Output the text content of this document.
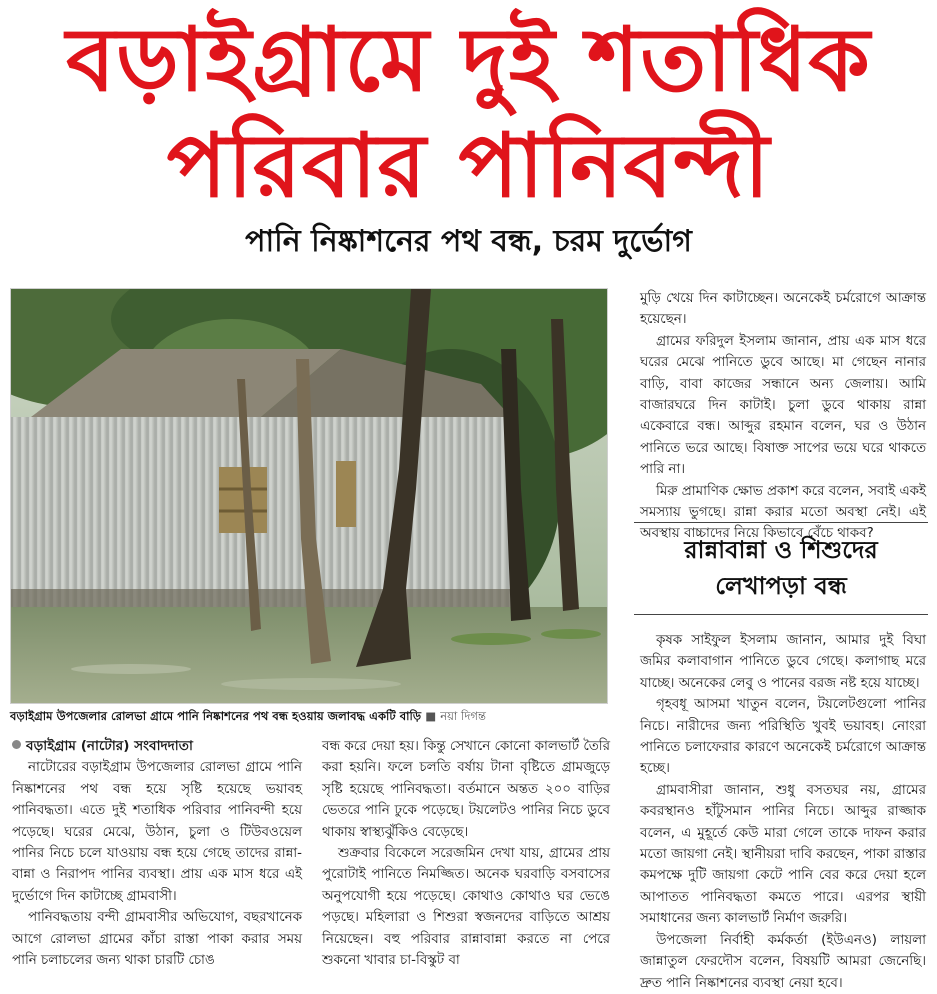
বড়াইগ্রামে দুই শতাধিক
পরিবার পানিবন্দী
পানি নিষ্কাশনের পথ বন্ধ, চরম দুর্ভোগ
বড়াইগ্রাম উপজেলার রোলভা গ্রামে পানি নিষ্কাশনের পথ বন্ধ হওয়ায় জলাবদ্ধ একটি বাড়ি ■ নয়া দিগন্ত

বড়াইগ্রাম (নাটোর) সংবাদদাতা

নাটোরের বড়াইগ্রাম উপজেলার রোলভা গ্রামে পানি নিষ্কাশনের পথ বন্ধ হয়ে সৃষ্টি হয়েছে ভয়াবহ পানিবদ্ধতা। এতে দুই শতাধিক পরিবার পানিবন্দী হয়ে পড়েছে। ঘরের মেঝে, উঠান, চুলা ও টিউবওয়েল পানির নিচে চলে যাওয়ায় বন্ধ হয়ে গেছে তাদের রান্না-বান্না ও নিরাপদ পানির ব্যবস্থা। প্রায় এক মাস ধরে এই দুর্ভোগে দিন কাটাচ্ছে গ্রামবাসী।

পানিবদ্ধতায় বন্দী গ্রামবাসীর অভিযোগ, বছরখানেক আগে রোলভা গ্রামের কাঁচা রাস্তা পাকা করার সময় পানি চলাচলের জন্য থাকা চারটি চোঙ

বন্ধ করে দেয়া হয়। কিন্তু সেখানে কোনো কালভার্ট তৈরি করা হয়নি। ফলে চলতি বর্ষায় টানা বৃষ্টিতে গ্রামজুড়ে সৃষ্টি হয়েছে পানিবদ্ধতা। বর্তমানে অন্তত ২০০ বাড়ির ভেতরে পানি ঢুকে পড়েছে। টয়লেটও পানির নিচে ডুবে থাকায় স্বাস্থ্যঝুঁকিও বেড়েছে।

শুক্রবার বিকেলে সরেজমিন দেখা যায়, গ্রামের প্রায় পুরোটাই পানিতে নিমজ্জিত। অনেক ঘরবাড়ি বসবাসের অনুপযোগী হয়ে পড়েছে। কোথাও কোথাও ঘর ভেঙে পড়ছে। মহিলারা ও শিশুরা স্বজনদের বাড়িতে আশ্রয় নিয়েছেন। বহু পরিবার রান্নাবান্না করতে না পেরে শুকনো খাবার চা-বিস্কুট বা

মুড়ি খেয়ে দিন কাটাচ্ছেন। অনেকেই চর্মরোগে আক্রান্ত হয়েছেন।

গ্রামের ফরিদুল ইসলাম জানান, প্রায় এক মাস ধরে ঘরের মেঝে পানিতে ডুবে আছে। মা গেছেন নানার বাড়ি, বাবা কাজের সন্ধানে অন্য জেলায়। আমি বাজারঘরে দিন কাটাই। চুলা ডুবে থাকায় রান্না একেবারে বন্ধ। আব্দুর রহমান বলেন, ঘর ও উঠান পানিতে ভরে আছে। বিষাক্ত সাপের ভয়ে ঘরে থাকতে পারি না।

মিরু প্রামাণিক ক্ষোভ প্রকাশ করে বলেন, সবাই একই সমস্যায় ভুগছে। রান্না করার মতো অবস্থা নেই। এই অবস্থায় বাচ্চাদের নিয়ে কিভাবে বেঁচে থাকব?

রান্নাবান্না ও শিশুদের
লেখাপড়া বন্ধ

কৃষক সাইফুল ইসলাম জানান, আমার দুই বিঘা জমির কলাবাগান পানিতে ডুবে গেছে। কলাগাছ মরে যাচ্ছে। অনেকের লেবু ও পানের বরজ নষ্ট হয়ে যাচ্ছে।

গৃহবধূ আসমা খাতুন বলেন, টয়লেটগুলো পানির নিচে। নারীদের জন্য পরিস্থিতি খুবই ভয়াবহ। নোংরা পানিতে চলাফেরার কারণে অনেকেই চর্মরোগে আক্রান্ত হচ্ছে।

গ্রামবাসীরা জানান, শুধু বসতঘর নয়, গ্রামের কবরস্থানও হাঁটুসমান পানির নিচে। আব্দুর রাজ্জাক বলেন, এ মুহূর্তে কেউ মারা গেলে তাকে দাফন করার মতো জায়গা নেই। স্থানীয়রা দাবি করছেন, পাকা রাস্তার কমপক্ষে দুটি জায়গা কেটে পানি বের করে দেয়া হলে আপাতত পানিবদ্ধতা কমতে পারে। এরপর স্থায়ী সমাধানের জন্য কালভার্ট নির্মাণ জরুরি।

উপজেলা নির্বাহী কর্মকর্তা (ইউএনও) লায়লা জান্নাতুল ফেরদৌস বলেন, বিষয়টি আমরা জেনেছি। দ্রুত পানি নিষ্কাশনের ব্যবস্থা নেয়া হবে।
